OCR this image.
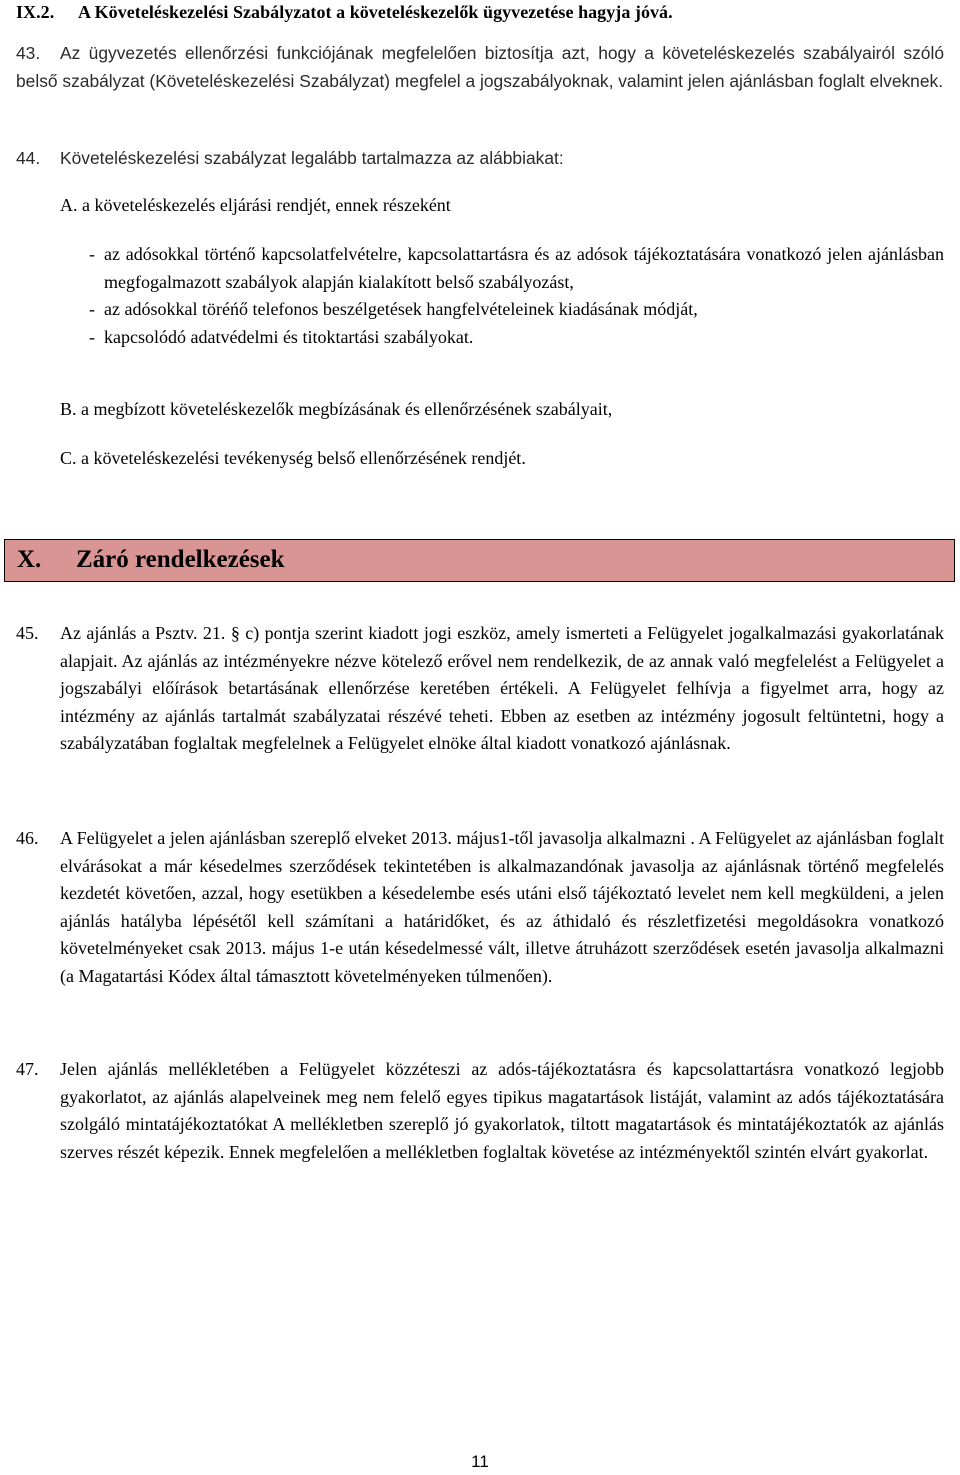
IX.2. A Követeléskezelési Szabályzatot a követeléskezelők ügyvezetése hagyja jóvá.
43. Az ügyvezetés ellenőrzési funkciójának megfelelően biztosítja azt, hogy a követeléskezelés szabályairól szóló belső szabályzat (Követeléskezelési Szabályzat) megfelel a jogszabályoknak, valamint jelen ajánlásban foglalt elveknek.
44. Követeléskezelési szabályzat legalább tartalmazza az alábbiakat:
A. a követeléskezelés eljárási rendjét, ennek részeként
- az adósokkal történő kapcsolatfelvételre, kapcsolattartásra és az adósok tájékoztatására vonatkozó jelen ajánlásban megfogalmazott szabályok alapján kialakított belső szabályozást,
- az adósokkal töréńő telefonos beszélgetések hangfelvételeinek kiadásának módját,
- kapcsolódó adatvédelmi és titoktartási szabályokat.
B. a megbízott követeléskezelők megbízásának és ellenőrzésének szabályait,
C. a követeléskezelési tevékenység belső ellenőrzésének rendjét.
X. Záró rendelkezések
45. Az ajánlás a Psztv. 21. § c) pontja szerint kiadott jogi eszköz, amely ismerteti a Felügyelet jogalkalmazási gyakorlatának alapjait. Az ajánlás az intézményekre nézve kötelező erővel nem rendelkezik, de az annak való megfelelést a Felügyelet a jogszabályi előírások betartásának ellenőrzése keretében értékeli. A Felügyelet felhívja a figyelmet arra, hogy az intézmény az ajánlás tartalmát szabályzatai részévé teheti. Ebben az esetben az intézmény jogosult feltüntetni, hogy a szabályzatában foglaltak megfelelnek a Felügyelet elnöke által kiadott vonatkozó ajánlásnak.
46. A Felügyelet a jelen ajánlásban szereplő elveket 2013. május1-től javasolja alkalmazni . A Felügyelet az ajánlásban foglalt elvárásokat a már késedelmes szerződések tekintetében is alkalmazandónak javasolja az ajánlásnak történő megfelelés kezdetét követően, azzal, hogy esetükben a késedelembe esés utáni első tájékoztató levelet nem kell megküldeni, a jelen ajánlás hatályba lépésétől kell számítani a határidőket, és az áthidaló és részletfizetési megoldásokra vonatkozó követelményeket csak 2013. május 1-e után késedelmessé vált, illetve átruházott szerződések esetén javasolja alkalmazni (a Magatartási Kódex által támasztott követelményeken túlmenően).
47. Jelen ajánlás mellékletében a Felügyelet közzéteszi az adós-tájékoztatásra és kapcsolattartásra vonatkozó legjobb gyakorlatot, az ajánlás alapelveinek meg nem felelő egyes tipikus magatartások listáját, valamint az adós tájékoztatására szolgáló mintatájékoztatókat A mellékletben szereplő jó gyakorlatok, tiltott magatartások és mintatájékoztatók az ajánlás szerves részét képezik. Ennek megfelelően a mellékletben foglaltak követése az intézményektől szintén elvárt gyakorlat.
11
